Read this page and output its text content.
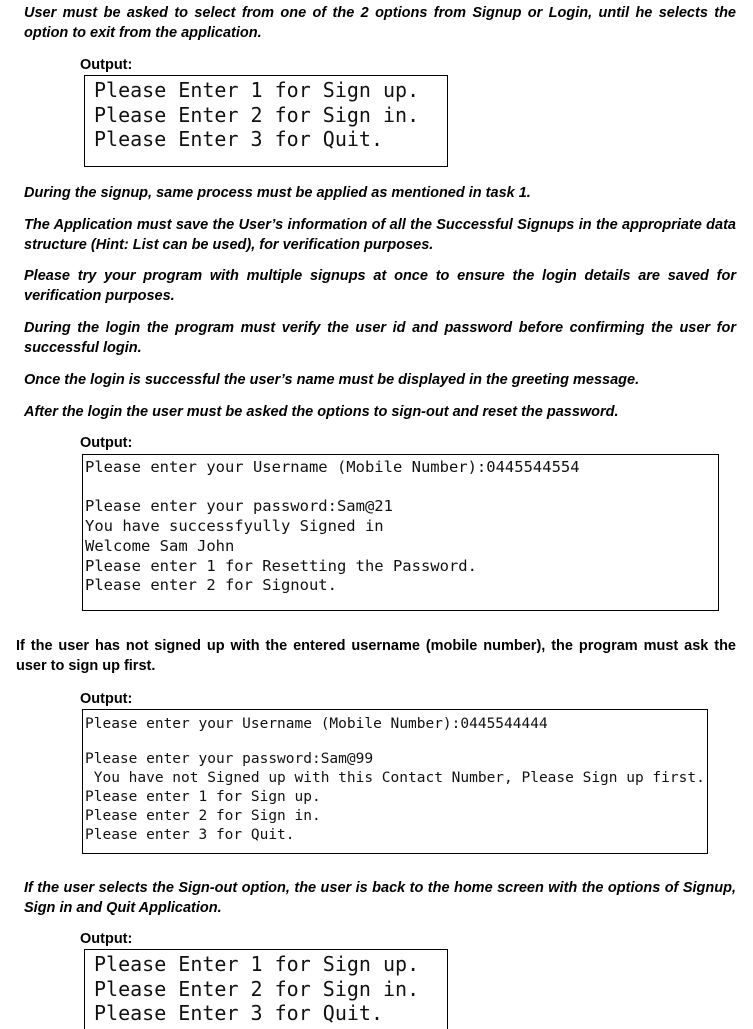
User must be asked to select from one of the 2 options from Signup or Login, until he selects the option to exit from the application.

Output:
Please Enter 1 for Sign up.
Please Enter 2 for Sign in.
Please Enter 3 for Quit.

During the signup, same process must be applied as mentioned in task 1.

The Application must save the User’s information of all the Successful Signups in the appropriate data structure (Hint: List can be used), for verification purposes.

Please try your program with multiple signups at once to ensure the login details are saved for verification purposes.

During the login the program must verify the user id and password before confirming the user for successful login.

Once the login is successful the user’s name must be displayed in the greeting message.

After the login the user must be asked the options to sign-out and reset the password.

Output:
Please enter your Username (Mobile Number):0445544554
Please enter your password:Sam@21
You have successfyully Signed in
Welcome Sam John
Please enter 1 for Resetting the Password.
Please enter 2 for Signout.

If the user has not signed up with the entered username (mobile number), the program must ask the user to sign up first.

Output:
Please enter your Username (Mobile Number):0445544444
Please enter your password:Sam@99
You have not Signed up with this Contact Number, Please Sign up first.
Please enter 1 for Sign up.
Please enter 2 for Sign in.
Please enter 3 for Quit.

If the user selects the Sign-out option, the user is back to the home screen with the options of Signup, Sign in and Quit Application.

Output:
Please Enter 1 for Sign up.
Please Enter 2 for Sign in.
Please Enter 3 for Quit.
